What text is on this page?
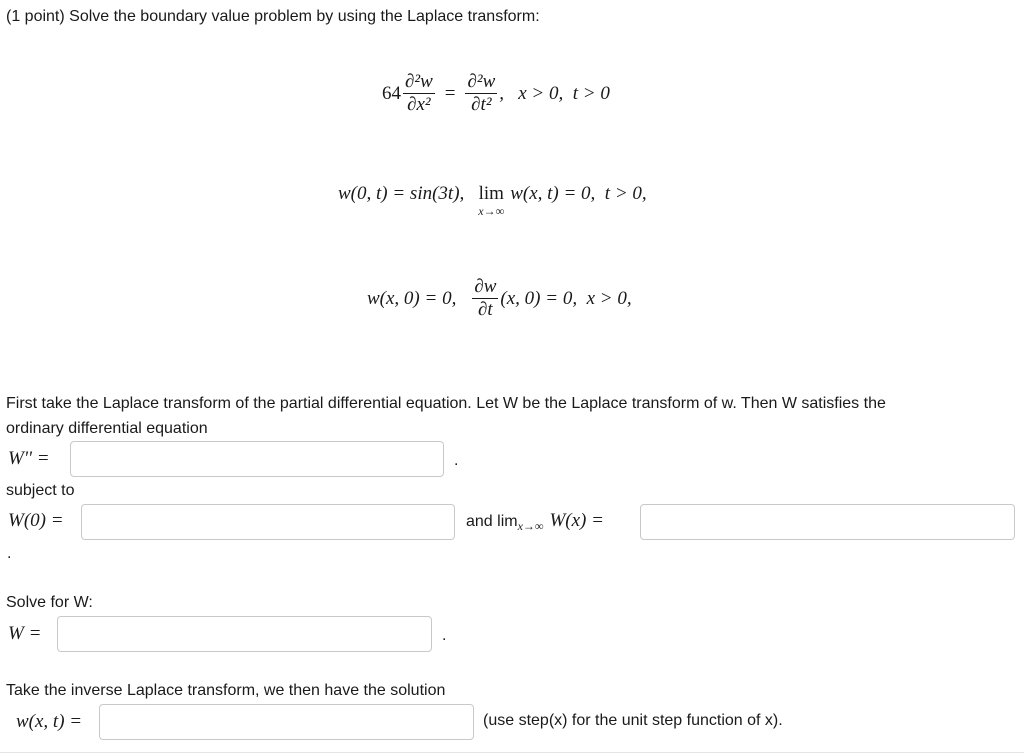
(1 point) Solve the boundary value problem by using the Laplace transform:
$64 \frac{\text{∂²w}}{\text{∂x²}} = \frac{\text{∂²w}}{\text{∂t²}}$ ,   x > 0,  t > 0
w(0, t) = sin(3t), lim
x→∞
w(x, t) = 0,  t > 0,
w(x, 0) = 0, $\frac{\partial w}{\partial t} (x$, 0) = 0,  x > 0,
First take the Laplace transform of the partial differential equation. Let W be the Laplace transform of w. Then W satisfies the
ordinary differential equation
W'' =	.
subject to
W(0) =	and lim x→∞ W(x) =
.
Solve for W:
W =	.
Take the inverse Laplace transform, we then have the solution
w(x, t) =	(use step(x) for the unit step function of x).
